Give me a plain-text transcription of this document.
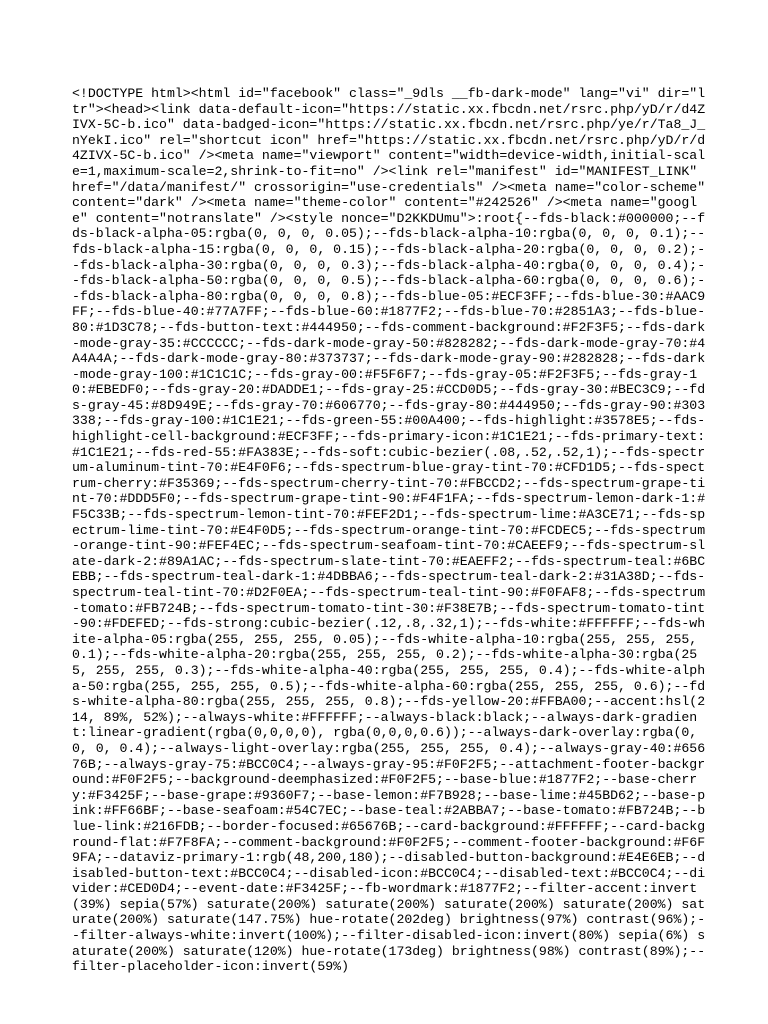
<!DOCTYPE html><html id="facebook" class="_9dls __fb-dark-mode" lang="vi" dir="ltr"><head><link data-default-icon="https://static.xx.fbcdn.net/rsrc.php/yD/r/d4ZIVX-5C-b.ico" data-badged-icon="https://static.xx.fbcdn.net/rsrc.php/ye/r/Ta8_J_nYekI.ico" rel="shortcut icon" href="https://static.xx.fbcdn.net/rsrc.php/yD/r/d4ZIVX-5C-b.ico" /><meta name="viewport" content="width=device-width,initial-scale=1,maximum-scale=2,shrink-to-fit=no" /><link rel="manifest" id="MANIFEST_LINK" href="/data/manifest/" crossorigin="use-credentials" /><meta name="color-scheme" content="dark" /><meta name="theme-color" content="#242526" /><meta name="google" content="notranslate" /><style nonce="D2KKDUmu">:root{--fds-black:#000000;--fds-black-alpha-05:rgba(0, 0, 0, 0.05);--fds-black-alpha-10:rgba(0, 0, 0, 0.1);--fds-black-alpha-15:rgba(0, 0, 0, 0.15);--fds-black-alpha-20:rgba(0, 0, 0, 0.2);--fds-black-alpha-30:rgba(0, 0, 0, 0.3);--fds-black-alpha-40:rgba(0, 0, 0, 0.4);--fds-black-alpha-50:rgba(0, 0, 0, 0.5);--fds-black-alpha-60:rgba(0, 0, 0, 0.6);--fds-black-alpha-80:rgba(0, 0, 0, 0.8);--fds-blue-05:#ECF3FF;--fds-blue-30:#AAC9FF;--fds-blue-40:#77A7FF;--fds-blue-60:#1877F2;--fds-blue-70:#2851A3;--fds-blue-80:#1D3C78;--fds-button-text:#444950;--fds-comment-background:#F2F3F5;--fds-dark-mode-gray-35:#CCCCCC;--fds-dark-mode-gray-50:#828282;--fds-dark-mode-gray-70:#4A4A4A;--fds-dark-mode-gray-80:#373737;--fds-dark-mode-gray-90:#282828;--fds-dark-mode-gray-100:#1C1C1C;--fds-gray-00:#F5F6F7;--fds-gray-05:#F2F3F5;--fds-gray-10:#EBEDF0;--fds-gray-20:#DADDE1;--fds-gray-25:#CCD0D5;--fds-gray-30:#BEC3C9;--fds-gray-45:#8D949E;--fds-gray-70:#606770;--fds-gray-80:#444950;--fds-gray-90:#303338;--fds-gray-100:#1C1E21;--fds-green-55:#00A400;--fds-highlight:#3578E5;--fds-highlight-cell-background:#ECF3FF;--fds-primary-icon:#1C1E21;--fds-primary-text:#1C1E21;--fds-red-55:#FA383E;--fds-soft:cubic-bezier(.08,.52,.52,1);--fds-spectrum-aluminum-tint-70:#E4F0F6;--fds-spectrum-blue-gray-tint-70:#CFD1D5;--fds-spectrum-cherry:#F35369;--fds-spectrum-cherry-tint-70:#FBCCD2;--fds-spectrum-grape-tint-70:#DDD5F0;--fds-spectrum-grape-tint-90:#F4F1FA;--fds-spectrum-lemon-dark-1:#F5C33B;--fds-spectrum-lemon-tint-70:#FEF2D1;--fds-spectrum-lime:#A3CE71;--fds-spectrum-lime-tint-70:#E4F0D5;--fds-spectrum-orange-tint-70:#FCDEC5;--fds-spectrum-orange-tint-90:#FEF4EC;--fds-spectrum-seafoam-tint-70:#CAEEF9;--fds-spectrum-slate-dark-2:#89A1AC;--fds-spectrum-slate-tint-70:#EAEFF2;--fds-spectrum-teal:#6BCEBB;--fds-spectrum-teal-dark-1:#4DBBA6;--fds-spectrum-teal-dark-2:#31A38D;--fds-spectrum-teal-tint-70:#D2F0EA;--fds-spectrum-teal-tint-90:#F0FAF8;--fds-spectrum-tomato:#FB724B;--fds-spectrum-tomato-tint-30:#F38E7B;--fds-spectrum-tomato-tint-90:#FDEFED;--fds-strong:cubic-bezier(.12,.8,.32,1);--fds-white:#FFFFFF;--fds-white-alpha-05:rgba(255, 255, 255, 0.05);--fds-white-alpha-10:rgba(255, 255, 255, 0.1);--fds-white-alpha-20:rgba(255, 255, 255, 0.2);--fds-white-alpha-30:rgba(255, 255, 255, 0.3);--fds-white-alpha-40:rgba(255, 255, 255, 0.4);--fds-white-alpha-50:rgba(255, 255, 255, 0.5);--fds-white-alpha-60:rgba(255, 255, 255, 0.6);--fds-white-alpha-80:rgba(255, 255, 255, 0.8);--fds-yellow-20:#FFBA00;--accent:hsl(214, 89%, 52%);--always-white:#FFFFFF;--always-black:black;--always-dark-gradient:linear-gradient(rgba(0,0,0,0), rgba(0,0,0,0.6));--always-dark-overlay:rgba(0, 0, 0, 0.4);--always-light-overlay:rgba(255, 255, 255, 0.4);--always-gray-40:#65676B;--always-gray-75:#BCC0C4;--always-gray-95:#F0F2F5;--attachment-footer-background:#F0F2F5;--background-deemphasized:#F0F2F5;--base-blue:#1877F2;--base-cherry:#F3425F;--base-grape:#9360F7;--base-lemon:#F7B928;--base-lime:#45BD62;--base-pink:#FF66BF;--base-seafoam:#54C7EC;--base-teal:#2ABBA7;--base-tomato:#FB724B;--blue-link:#216FDB;--border-focused:#65676B;--card-background:#FFFFFF;--card-background-flat:#F7F8FA;--comment-background:#F0F2F5;--comment-footer-background:#F6F9FA;--dataviz-primary-1:rgb(48,200,180);--disabled-button-background:#E4E6EB;--disabled-button-text:#BCC0C4;--disabled-icon:#BCC0C4;--disabled-text:#BCC0C4;--divider:#CED0D4;--event-date:#F3425F;--fb-wordmark:#1877F2;--filter-accent:invert(39%) sepia(57%) saturate(200%) saturate(200%) saturate(200%) saturate(200%) saturate(200%) saturate(147.75%) hue-rotate(202deg) brightness(97%) contrast(96%);--filter-always-white:invert(100%);--filter-disabled-icon:invert(80%) sepia(6%) saturate(200%) saturate(120%) hue-rotate(173deg) brightness(98%) contrast(89%);--filter-placeholder-icon:invert(59%)
